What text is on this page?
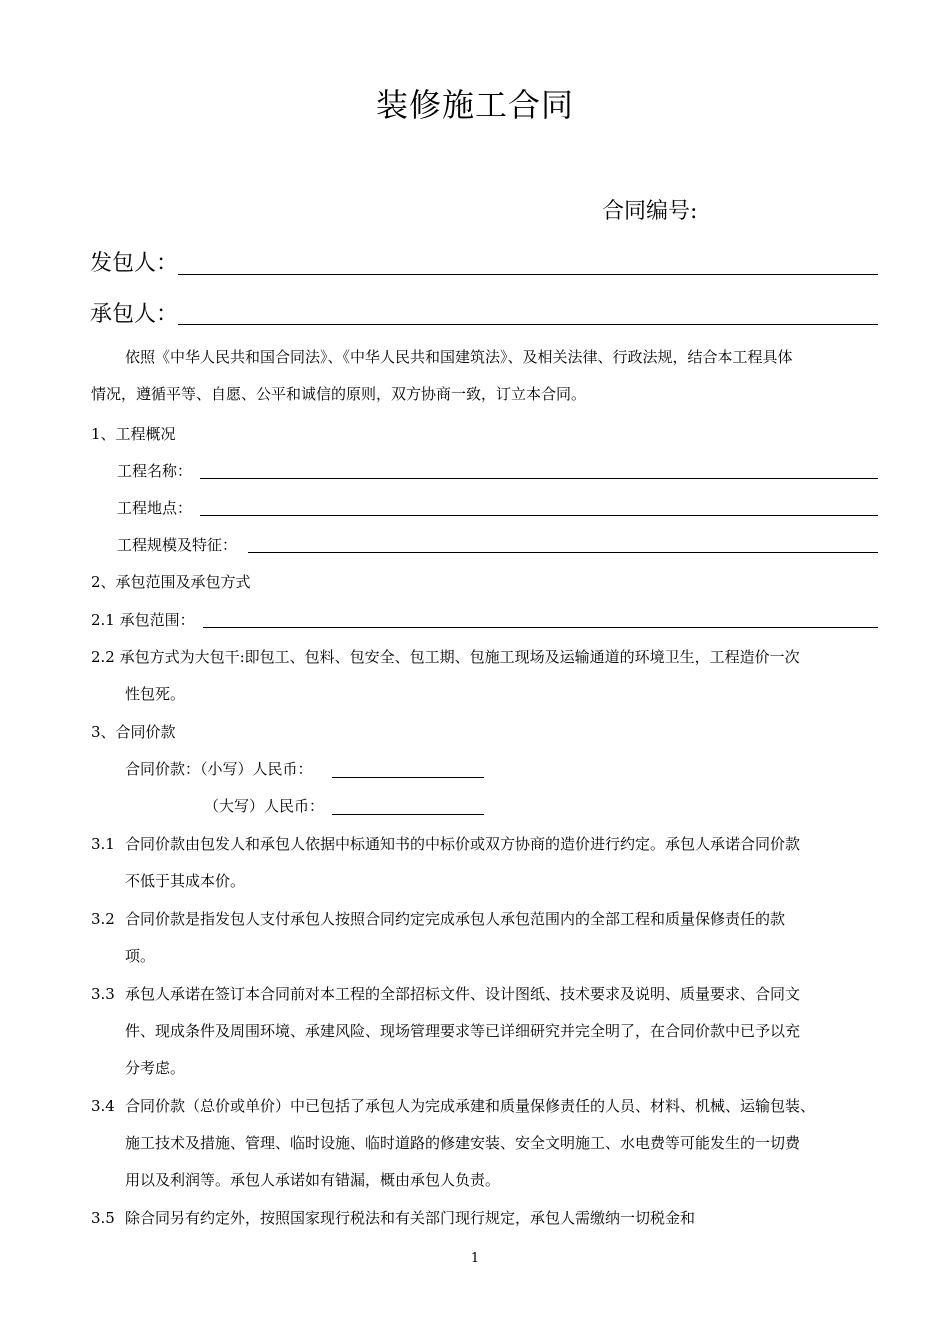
装修施工合同
合同编号:
发包人：
承包人：
依照《中华人民共和国合同法》、《中华人民共和国建筑法》、及相关法律、行政法规，结合本工程具体
情况，遵循平等、自愿、公平和诚信的原则，双方协商一致，订立本合同。
1、工程概况
工程名称：
工程地点：
工程规模及特征：
2、承包范围及承包方式
2.1 承包范围：
2.2 承包方式为大包干:即包工、包料、包安全、包工期、包施工现场及运输通道的环境卫生，工程造价一次
性包死。
3、合同价款
合同价款：（小写）人民币：
（大写）人民币：
3.1 合同价款由包发人和承包人依据中标通知书的中标价或双方协商的造价进行约定。承包人承诺合同价款
不低于其成本价。
3.2 合同价款是指发包人支付承包人按照合同约定完成承包人承包范围内的全部工程和质量保修责任的款
项。
3.3 承包人承诺在签订本合同前对本工程的全部招标文件、设计图纸、技术要求及说明、质量要求、合同文
件、现成条件及周围环境、承建风险、现场管理要求等已详细研究并完全明了，在合同价款中已予以充
分考虑。
3.4 合同价款（总价或单价）中已包括了承包人为完成承建和质量保修责任的人员、材料、机械、运输包装、
施工技术及措施、管理、临时设施、临时道路的修建安装、安全文明施工、水电费等可能发生的一切费
用以及利润等。承包人承诺如有错漏，概由承包人负责。
3.5 除合同另有约定外，按照国家现行税法和有关部门现行规定，承包人需缴纳一切税金和
1
